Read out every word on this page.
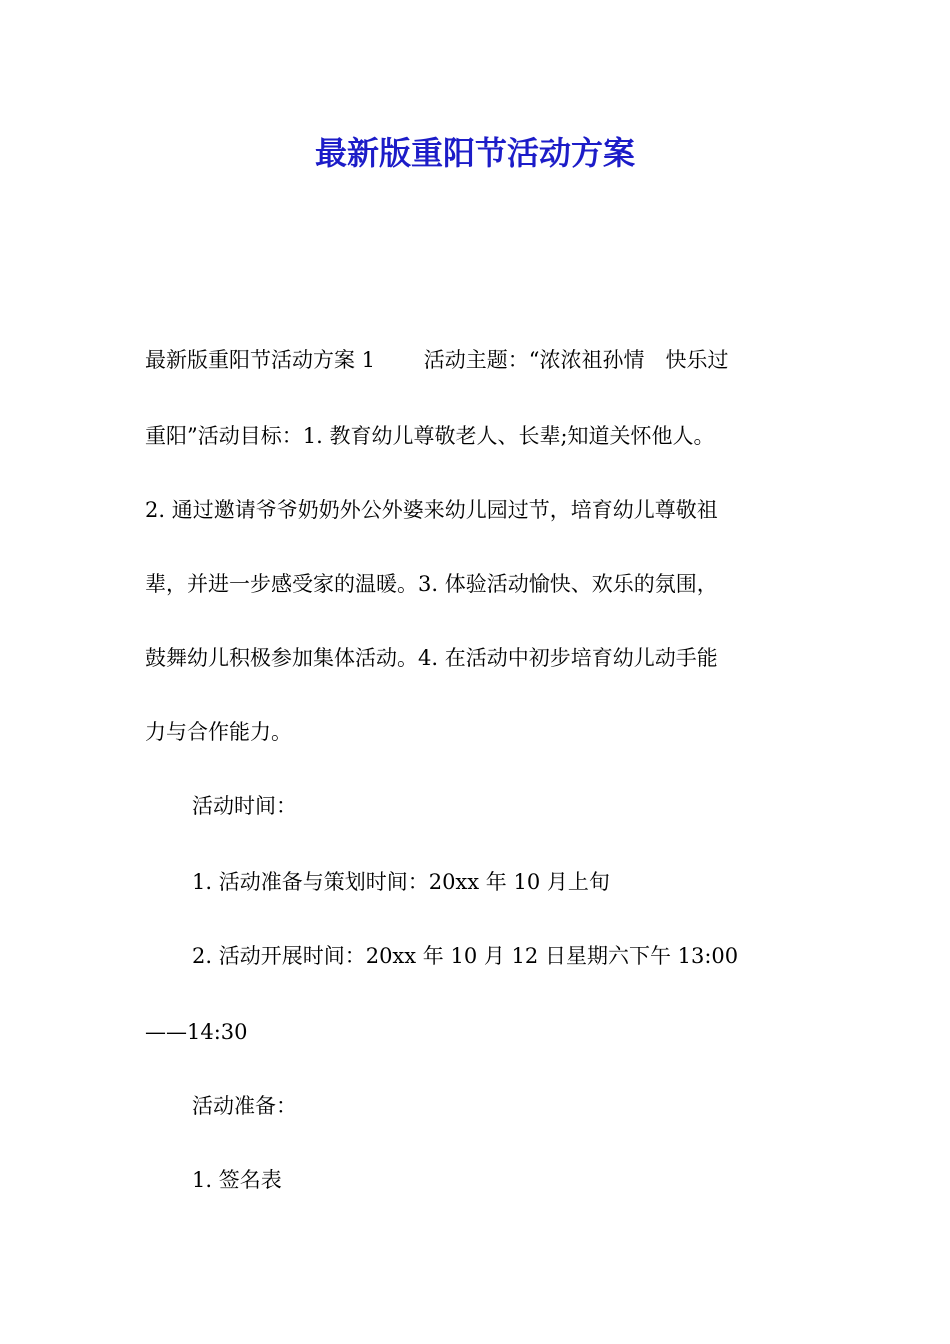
最新版重阳节活动方案

最新版重阳节活动方案 1　　 活动主题：“浓浓祖孙情　快乐过

重阳”活动目标：1. 教育幼儿尊敬老人、长辈;知道关怀他人。

2. 通过邀请爷爷奶奶外公外婆来幼儿园过节，培育幼儿尊敬祖

辈，并进一步感受家的温暖。3. 体验活动愉快、欢乐的氛围，

鼓舞幼儿积极参加集体活动。4. 在活动中初步培育幼儿动手能

力与合作能力。

活动时间：

1. 活动准备与策划时间：20xx 年 10 月上旬

2. 活动开展时间：20xx 年 10 月 12 日星期六下午 13:00

——14:30

活动准备：

1. 签名表
